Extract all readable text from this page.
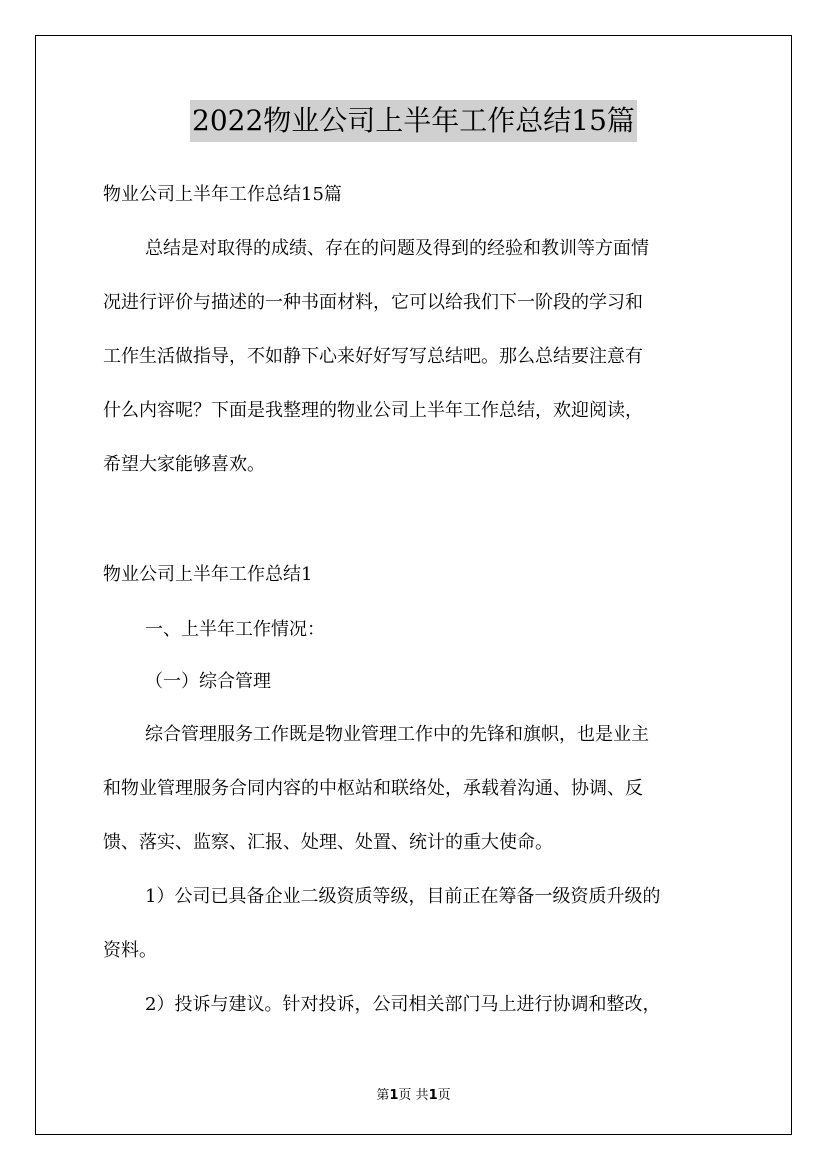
2022物业公司上半年工作总结15篇
物业公司上半年工作总结15篇
总结是对取得的成绩、存在的问题及得到的经验和教训等方面情
况进行评价与描述的一种书面材料，它可以给我们下一阶段的学习和
工作生活做指导，不如静下心来好好写写总结吧。那么总结要注意有
什么内容呢？下面是我整理的物业公司上半年工作总结，欢迎阅读，
希望大家能够喜欢。
物业公司上半年工作总结1
一、上半年工作情况：
（一）综合管理
综合管理服务工作既是物业管理工作中的先锋和旗帜，也是业主
和物业管理服务合同内容的中枢站和联络处，承载着沟通、协调、反
馈、落实、监察、汇报、处理、处置、统计的重大使命。
1）公司已具备企业二级资质等级，目前正在筹备一级资质升级的
资料。
2）投诉与建议。针对投诉，公司相关部门马上进行协调和整改，
第1页 共1页
